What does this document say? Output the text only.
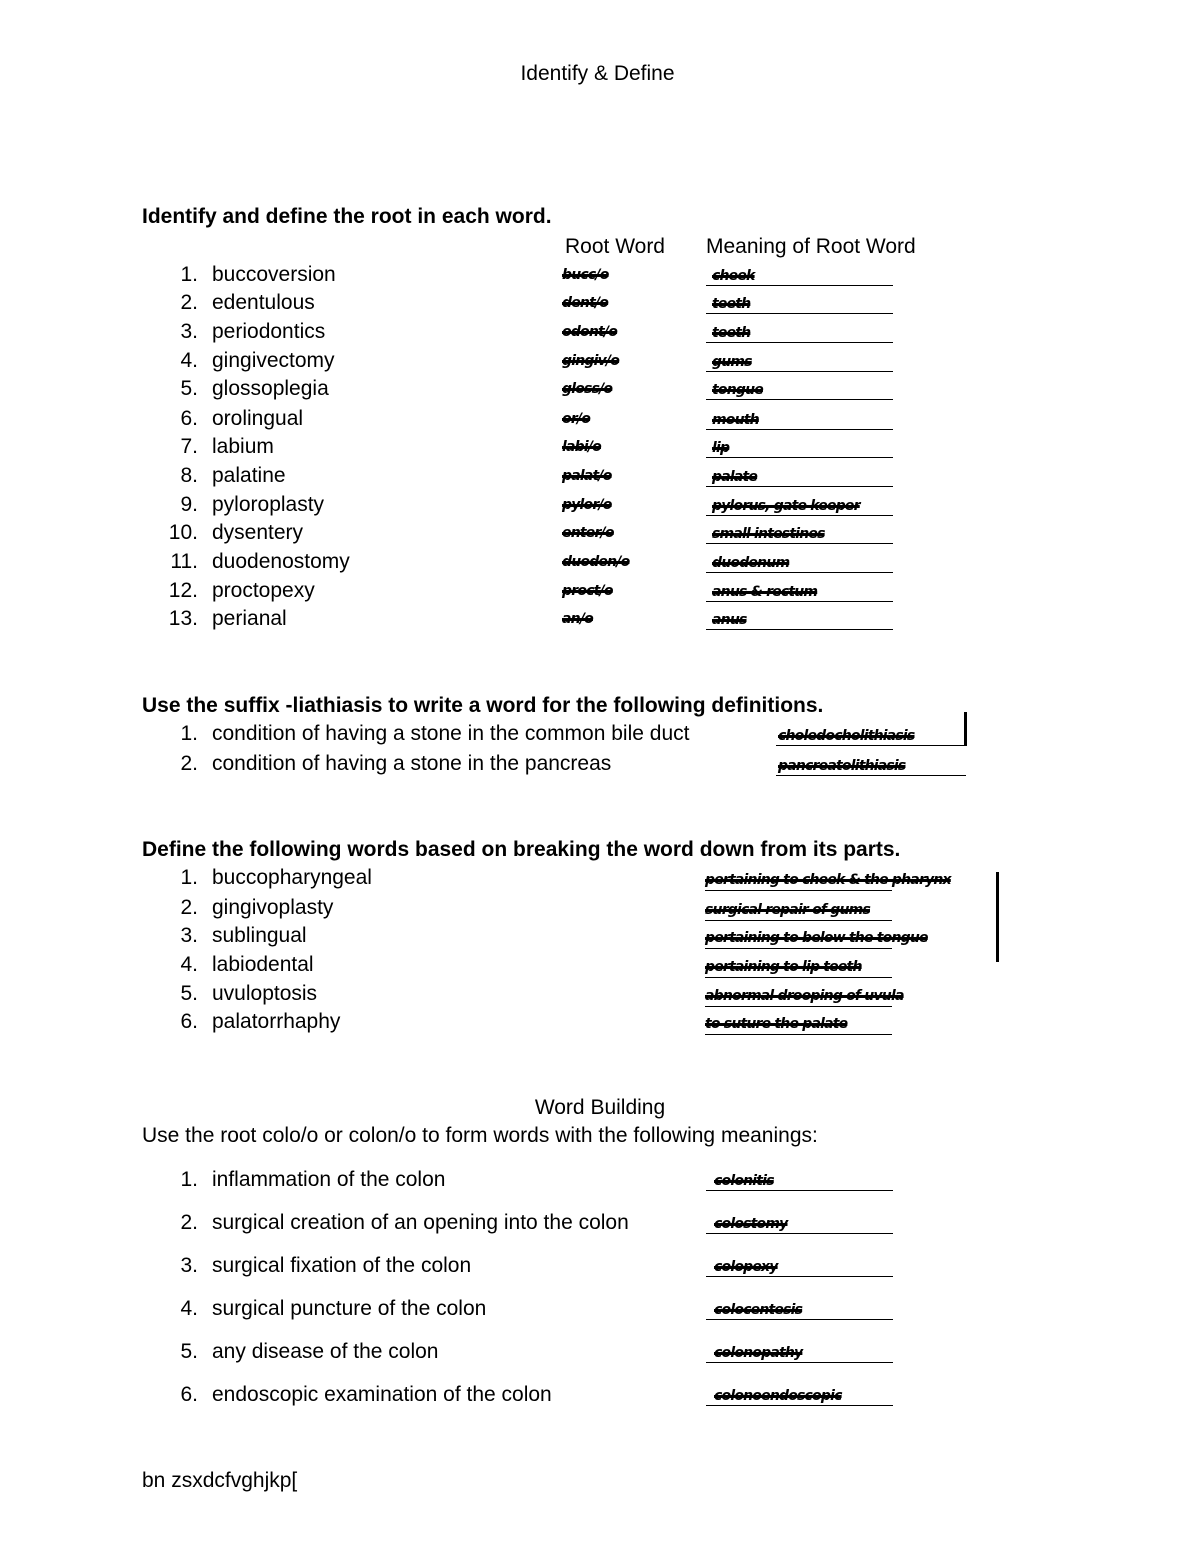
Identify & Define
Identify and define the root in each word.
Root Word Meaning of Root Word
1. buccoversion	bucc/o	cheek
2. edentulous	dent/o	teeth
3. periodontics	odont/o	teeth
4. gingivectomy	gingiv/o	gums
5. glossoplegia	gloss/o	tongue
6. orolingual	or/o	mouth
7. labium	labi/o	lip
8. palatine	palat/o	palate
9. pyloroplasty	pylor/o	pylorus, gate keeper
10. dysentery	enter/o	small intestines
11. duodenostomy	duoden/o	duodenum
12. proctopexy	proct/o	anus & rectum
13. perianal	an/o	anus
Use the suffix -liathiasis to write a word for the following definitions.
1. condition of having a stone in the common bile duct	choledocholithiasis
2. condition of having a stone in the pancreas	pancreatolithiasis
Define the following words based on breaking the word down from its parts.
1. buccopharyngeal	pertaining to cheek & the pharynx
2. gingivoplasty	surgical repair of gums
3. sublingual	pertaining to below the tongue
4. labiodental	pertaining to lip teeth
5. uvuloptosis	abnormal drooping of uvula
6. palatorrhaphy	to suture the palate
Word Building
Use the root colo/o or colon/o to form words with the following meanings:
1. inflammation of the colon	colonitis
2. surgical creation of an opening into the colon	colostomy
3. surgical fixation of the colon	colopexy
4. surgical puncture of the colon	colocentesis
5. any disease of the colon	colonopathy
6. endoscopic examination of the colon	colonoendoscopic
bn zsxdcfvghjkp[
